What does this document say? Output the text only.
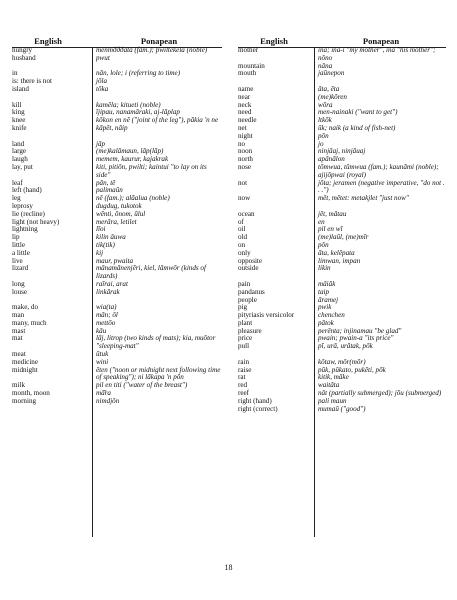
English	Ponapean
hungry	menmðððata (fam.); pwiltekela (noble)
husband	pwut
in	nān, lole; i (referring to time)
is: there is not	jōla
island	tōka
kill	kamēla; kitueti (noble)
king	ījipau, nanamāraki, aj-lāplap
knee	kōkon en nē ("joint of the leg"), pākia 'n ne
knife	kāpēt, nāip
land	jāp
large	(me)kalāmaun, lāp(lāp)
laugh	memem, kaurur, kajakrak
lay, put	kiti, pitiōn, pwilti; kaintui "to lay on its side"
leaf	pān, tē
left (hand)	palimaūn
leg	nē (fam.); alāalua (noble)
leprosy	dugdug, tukotok
lie (recline)	wēnti, ōnom, ūlul
light (not heavy)	merāra, letilet
lightning	līoi
lip	kilin āuwa
little	tik(tik)
a little	kij
live	maur, pwaita
lizard	mānamānenjēri, kiel, lāmwōr (kinds of lizards)
long	raīrai, arat
louse	linkārak
make, do	wia(ta)
man	mān; ōl
many, much	mettōo
mast	kāu
mat	lāj, litrop (two kinds of mats); kia, muōtor "sleeping-mat"
meat	ūtuk
medicine	wini
midnight	ēten ("noon or midnight next following time of speaking"); ni lākapa 'n pōn
milk	pil en titi ("water of the breast")
month, moon	mā̄ra
morning	nimdjōn
English	Ponapean
mother	ina; ina-i "my mother", ina "his mother"; nōno
mountain	nāna
mouth	jaūnepon
name	āta, ēta
near	(me)kōren
neck	wōra
need	men-nainaki ("want to get")
needle	ltkōk
net	ūk; naik (a kind of fish-net)
night	pōn
no	jo
noon	ninjāaj, ninjāuaj
north	apānālon
nose	tōmwua, tūmwua (fam.); kaunāmi (noble); ajijōpwai (royal)
not	jōta; jeramen (negative imperative, "do not . . .")
now	mēt, mētet: metakjlet "just now"
ocean	jēt, mātau
of	en
oil	pil en wī
old	(me)laūl, (me)mīr
on	pōn
only	āta, kelēpata
opposite	limwan, impan
outside	likin
pain	māiāk
pandanus	taip
people	āramej
pig	pwik
pityriasis versicolor	chenchen
plant	pātok
pleasure	perēnta; injinamau "be glad"
price	pwain; pwain-a "its price"
pull	pī, urā, urātak, pōk
rain	kōtaw, mōr(mōr)
raise	pūk, pūkato, pukēti, pōk
rat	kitik, māke
red	waitāta
reef	nāt (partially submerged); jōu (submerged)
right (hand)	pali maun
right (correct)	mumaū ("good")
18
